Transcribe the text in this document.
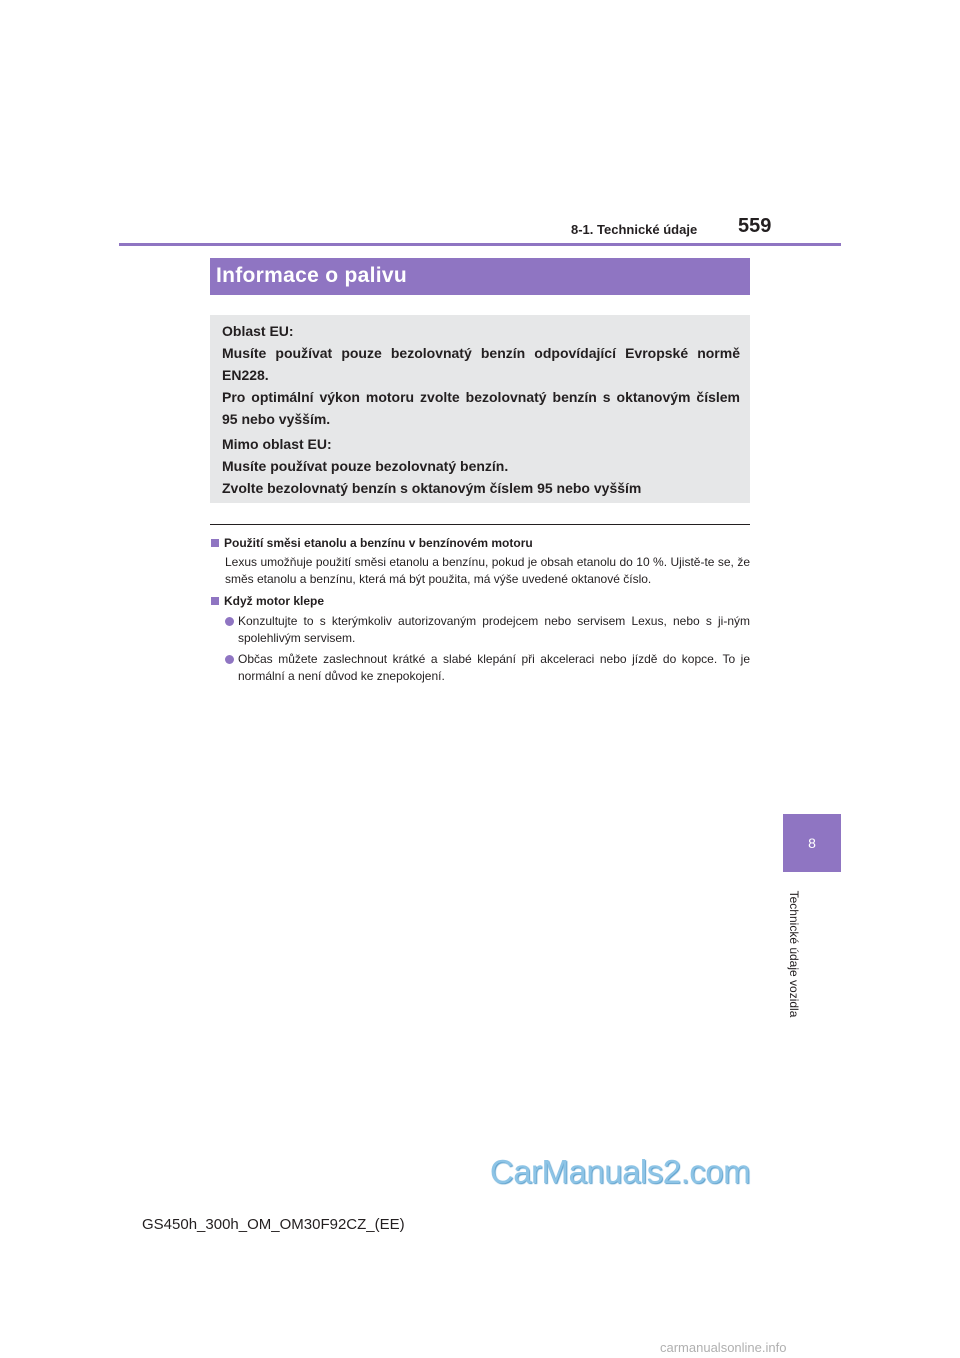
8-1. Technické údaje 559
Informace o palivu

Oblast EU:

Musíte používat pouze bezolovnatý benzín odpovídající Evropské normě EN228.

Pro optimální výkon motoru zvolte bezolovnatý benzín s oktanovým číslem 95 nebo vyšším.

Mimo oblast EU:

Musíte používat pouze bezolovnatý benzín.

Zvolte bezolovnatý benzín s oktanovým číslem 95 nebo vyšším

Použití směsi etanolu a benzínu v benzínovém motoru

Lexus umožňuje použití směsi etanolu a benzínu, pokud je obsah etanolu do 10 %. Ujistě-te se, že směs etanolu a benzínu, která má být použita, má výše uvedené oktanové číslo.

Když motor klepe

Konzultujte to s kterýmkoliv autorizovaným prodejcem nebo servisem Lexus, nebo s ji-ným spolehlivým servisem.

Občas můžete zaslechnout krátké a slabé klepání při akceleraci nebo jízdě do kopce. To je normální a není důvod ke znepokojení.

8
Technické údaje vozidla
CarManuals2.com
GS450h_300h_OM_OM30F92CZ_(EE)
carmanualsonline.info
